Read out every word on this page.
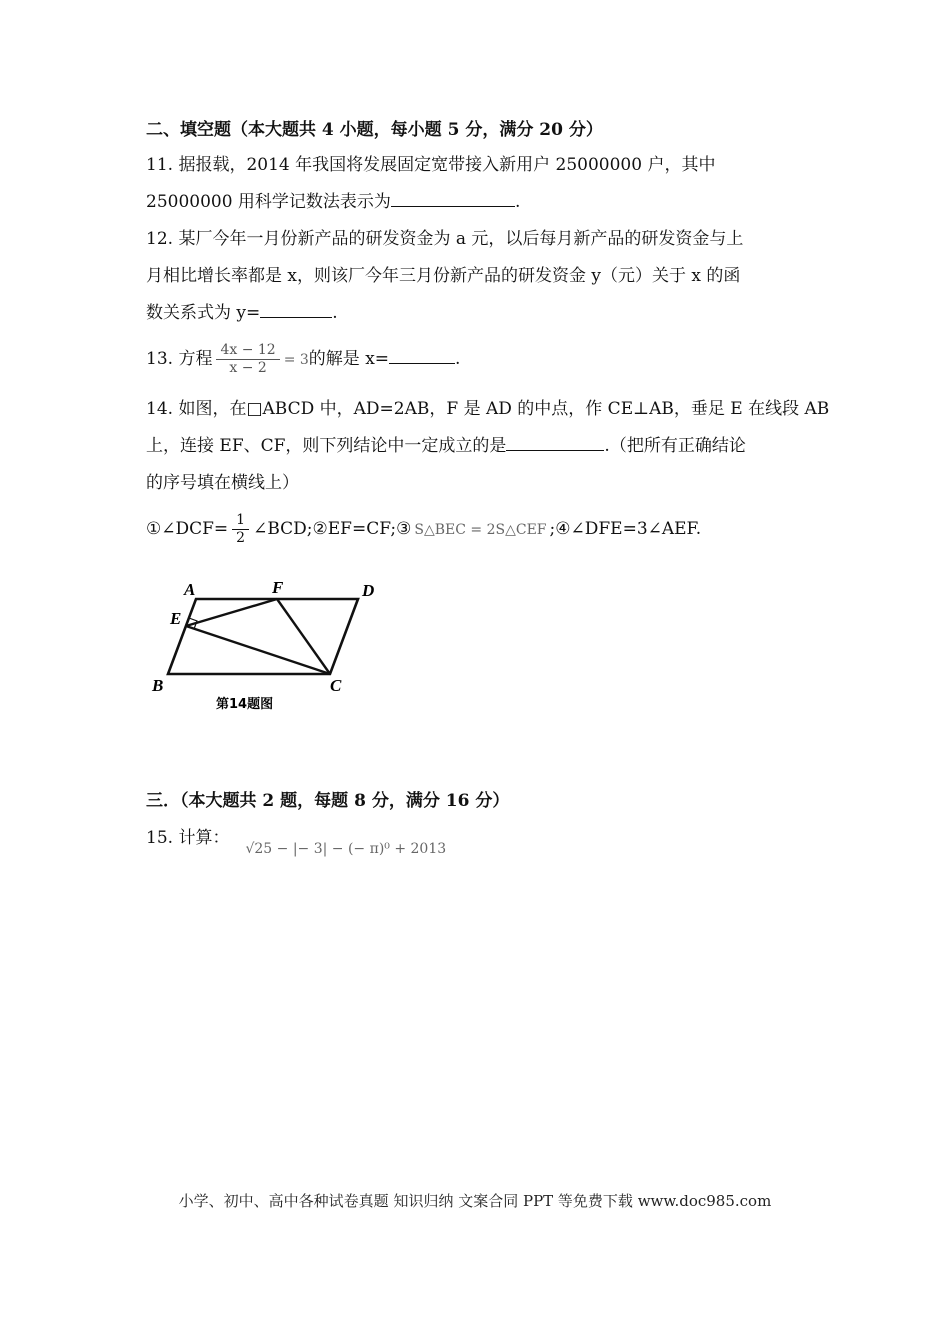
二、填空题（本大题共 4 小题，每小题 5 分，满分 20 分）
11. 据报载，2014 年我国将发展固定宽带接入新用户 25000000 户，其中
25000000 用科学记数法表示为	.
12. 某厂今年一月份新产品的研发资金为 a 元，以后每月新产品的研发资金与上
月相比增长率都是 x，则该厂今年三月份新产品的研发资金 y（元）关于 x 的函
数关系式为 y=	.
13. 方程 $\frac{4x - 12}{x - 2} = 3$的解是 x=	.
14. 如图，在□ABCD 中，AD=2AB，F 是 AD 的中点，作 CE⊥AB，垂足 E 在线段 AB
上，连接 EF、CF，则下列结论中一定成立的是	.（把所有正确结论
的序号填在横线上）
①∠DCF= $\frac{1}{2}$ ∠BCD;②EF=CF;③ S△BEC = 2S△CEF ;④∠DFE=3∠AEF.
A	F	D
E
B	C
第14题图
三．（本大题共 2 题，每题 8 分，满分 16 分）
15. 计算：$_{√25 - |- 3| - (- \pi)^0 + 2013}$
小学、初中、高中各种试卷真题 知识归纳 文案合同 PPT 等免费下载 www.doc985.com
